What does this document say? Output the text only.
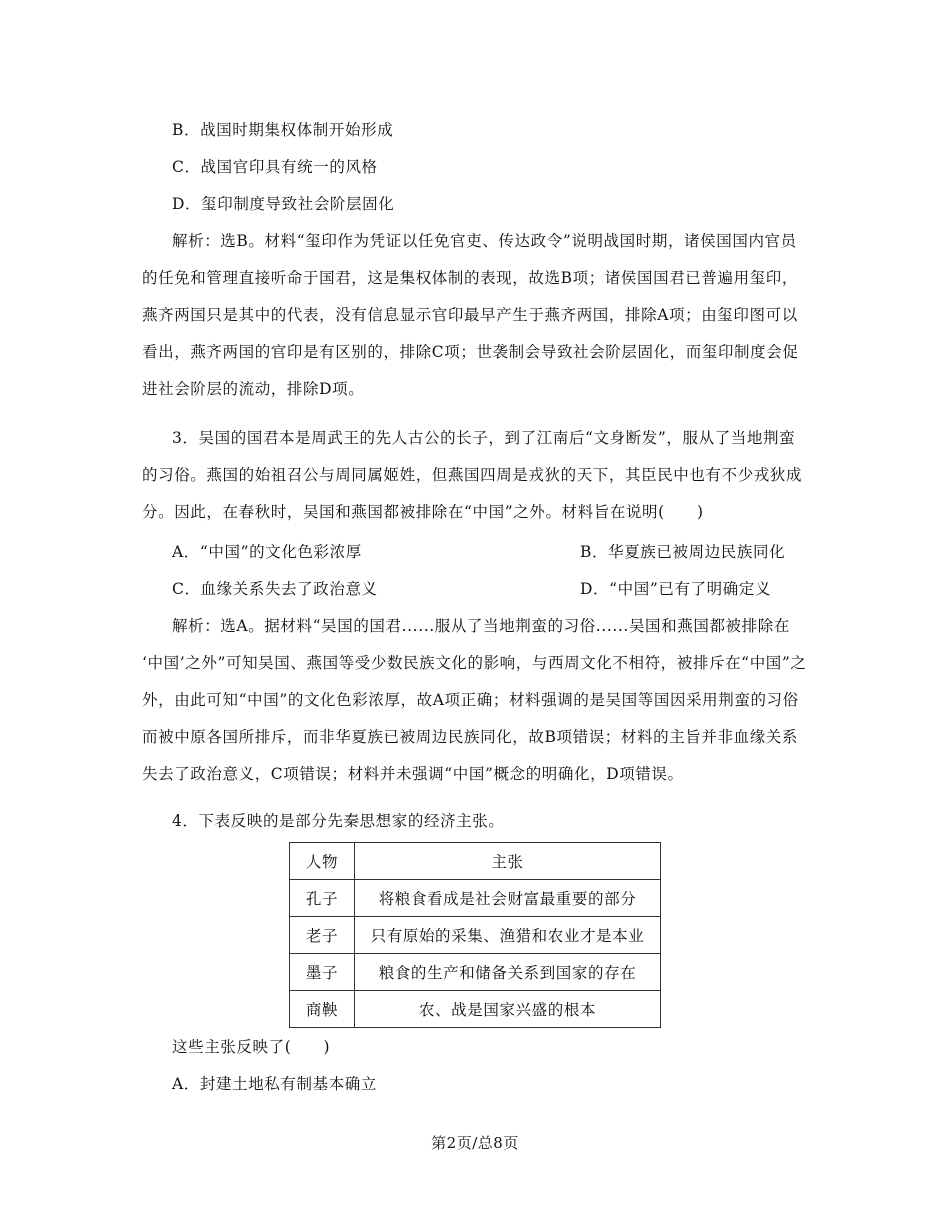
B．战国时期集权体制开始形成
C．战国官印具有统一的风格
D．玺印制度导致社会阶层固化
解析：选B。材料“玺印作为凭证以任免官吏、传达政令”说明战国时期，诸侯国国内官员
的任免和管理直接听命于国君，这是集权体制的表现，故选B项；诸侯国国君已普遍用玺印，
燕齐两国只是其中的代表，没有信息显示官印最早产生于燕齐两国，排除A项；由玺印图可以
看出，燕齐两国的官印是有区别的，排除C项；世袭制会导致社会阶层固化，而玺印制度会促
进社会阶层的流动，排除D项。
3．吴国的国君本是周武王的先人古公的长子，到了江南后“文身断发”，服从了当地荆蛮
的习俗。燕国的始祖召公与周同属姬姓，但燕国四周是戎狄的天下，其臣民中也有不少戎狄成
分。因此，在春秋时，吴国和燕国都被排除在“中国”之外。材料旨在说明(　　)
A．“中国”的文化色彩浓厚	B．华夏族已被周边民族同化
C．血缘关系失去了政治意义	D．“中国”已有了明确定义
解析：选A。据材料“吴国的国君......服从了当地荆蛮的习俗......吴国和燕国都被排除在
‘中国’之外”可知吴国、燕国等受少数民族文化的影响，与西周文化不相符，被排斥在“中国”之
外，由此可知“中国”的文化色彩浓厚，故A项正确；材料强调的是吴国等国因采用荆蛮的习俗
而被中原各国所排斥，而非华夏族已被周边民族同化，故B项错误；材料的主旨并非血缘关系
失去了政治意义，C项错误；材料并未强调“中国”概念的明确化，D项错误。
4．下表反映的是部分先秦思想家的经济主张。
人物	主张
孔子	将粮食看成是社会财富最重要的部分
老子	只有原始的采集、渔猎和农业才是本业
墨子	粮食的生产和储备关系到国家的存在
商鞅	农、战是国家兴盛的根本
这些主张反映了(　　)
A．封建土地私有制基本确立
第2页/总8页
